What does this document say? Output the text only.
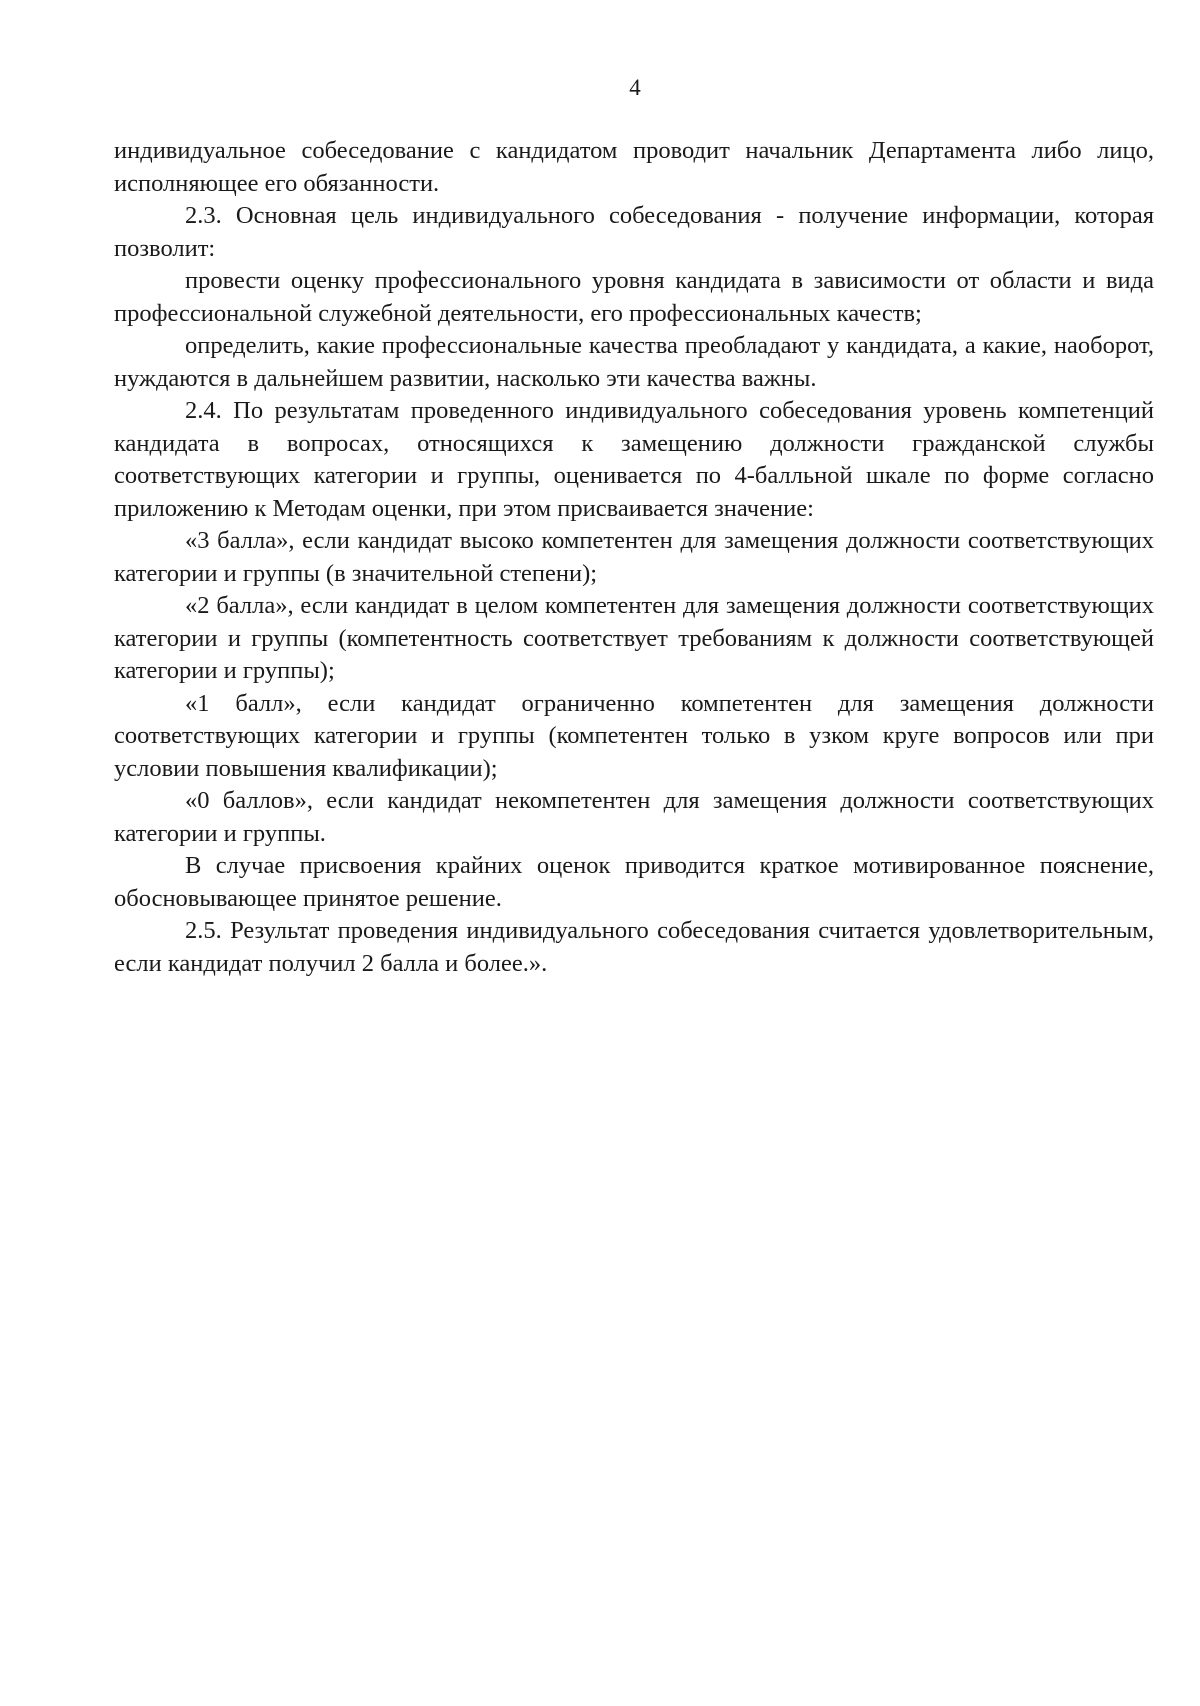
4

индивидуальное собеседование с кандидатом проводит начальник Департамента либо лицо, исполняющее его обязанности.

2.3. Основная цель индивидуального собеседования - получение информации, которая позволит:

провести оценку профессионального уровня кандидата в зависимости от области и вида профессиональной служебной деятельности, его профессиональных качеств;

определить, какие профессиональные качества преобладают у кандидата, а какие, наоборот, нуждаются в дальнейшем развитии, насколько эти качества важны.

2.4. По результатам проведенного индивидуального собеседования уровень компетенций кандидата в вопросах, относящихся к замещению должности гражданской службы соответствующих категории и группы, оценивается по 4-балльной шкале по форме согласно приложению к Методам оценки, при этом присваивается значение:

«3 балла», если кандидат высоко компетентен для замещения должности соответствующих категории и группы (в значительной степени);

«2 балла», если кандидат в целом компетентен для замещения должности соответствующих категории и группы (компетентность соответствует требованиям к должности соответствующей категории и группы);

«1 балл», если кандидат ограниченно компетентен для замещения должности соответствующих категории и группы (компетентен только в узком круге вопросов или при условии повышения квалификации);

«0 баллов», если кандидат некомпетентен для замещения должности соответствующих категории и группы.

В случае присвоения крайних оценок приводится краткое мотивированное пояснение, обосновывающее принятое решение.

2.5. Результат проведения индивидуального собеседования считается удовлетворительным, если кандидат получил 2 балла и более.».
